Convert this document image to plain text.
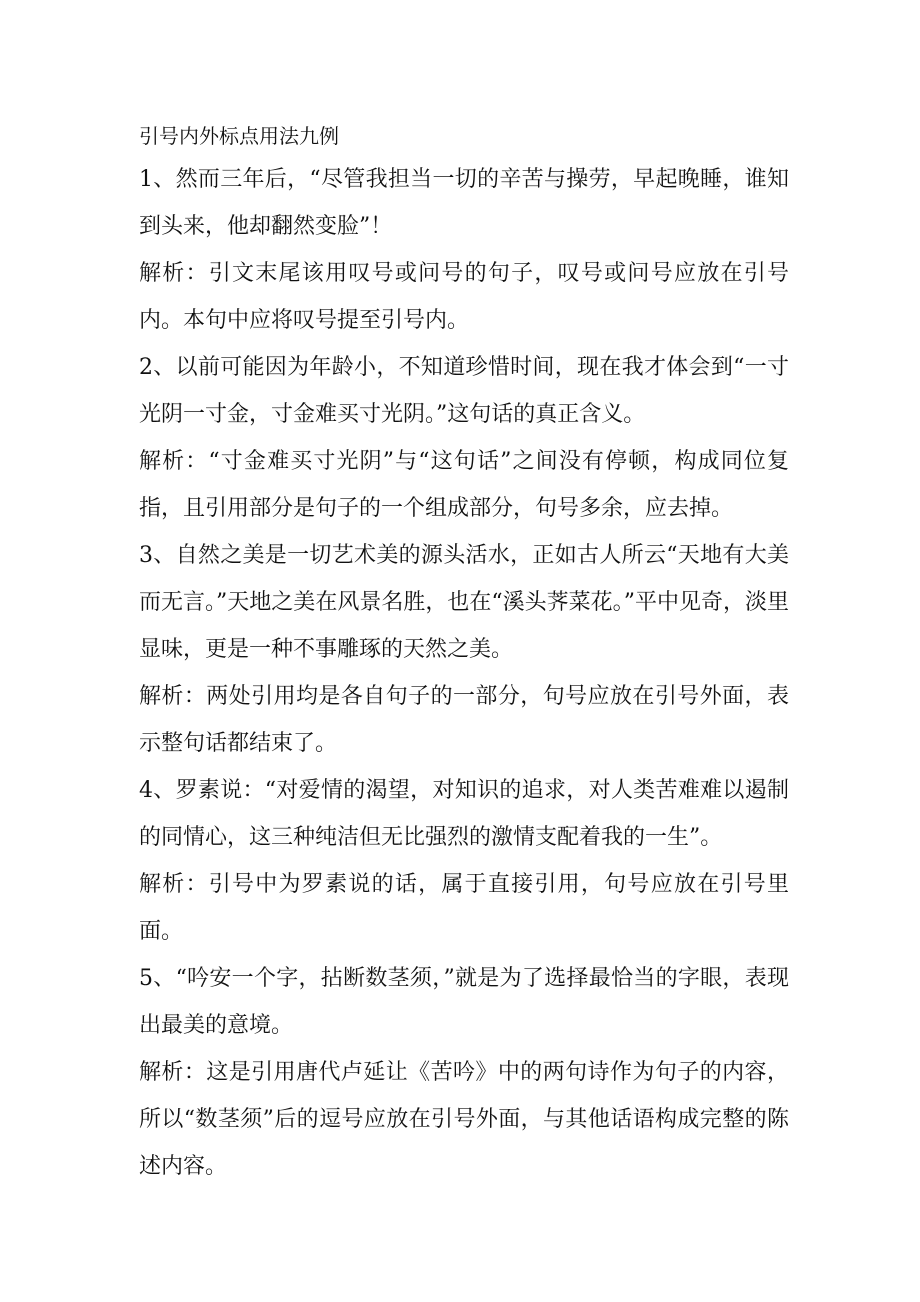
引号内外标点用法九例

1、然而三年后，“尽管我担当一切的辛苦与操劳，早起晚睡，谁知到头来，他却翻然变脸”！

解析：引文末尾该用叹号或问号的句子，叹号或问号应放在引号内。本句中应将叹号提至引号内。

2、以前可能因为年龄小，不知道珍惜时间，现在我才体会到“一寸光阴一寸金，寸金难买寸光阴。”这句话的真正含义。

解析：“寸金难买寸光阴”与“这句话”之间没有停顿，构成同位复指，且引用部分是句子的一个组成部分，句号多余，应去掉。

3、自然之美是一切艺术美的源头活水，正如古人所云“天地有大美而无言。”天地之美在风景名胜，也在“溪头荠菜花。”平中见奇，淡里显味，更是一种不事雕琢的天然之美。

解析：两处引用均是各自句子的一部分，句号应放在引号外面，表示整句话都结束了。

4、罗素说：“对爱情的渴望，对知识的追求，对人类苦难难以遏制的同情心，这三种纯洁但无比强烈的激情支配着我的一生”。

解析：引号中为罗素说的话，属于直接引用，句号应放在引号里面。

5、“吟安一个字，拈断数茎须，”就是为了选择最恰当的字眼，表现出最美的意境。

解析：这是引用唐代卢延让《苦吟》中的两句诗作为句子的内容，所以“数茎须”后的逗号应放在引号外面，与其他话语构成完整的陈述内容。
